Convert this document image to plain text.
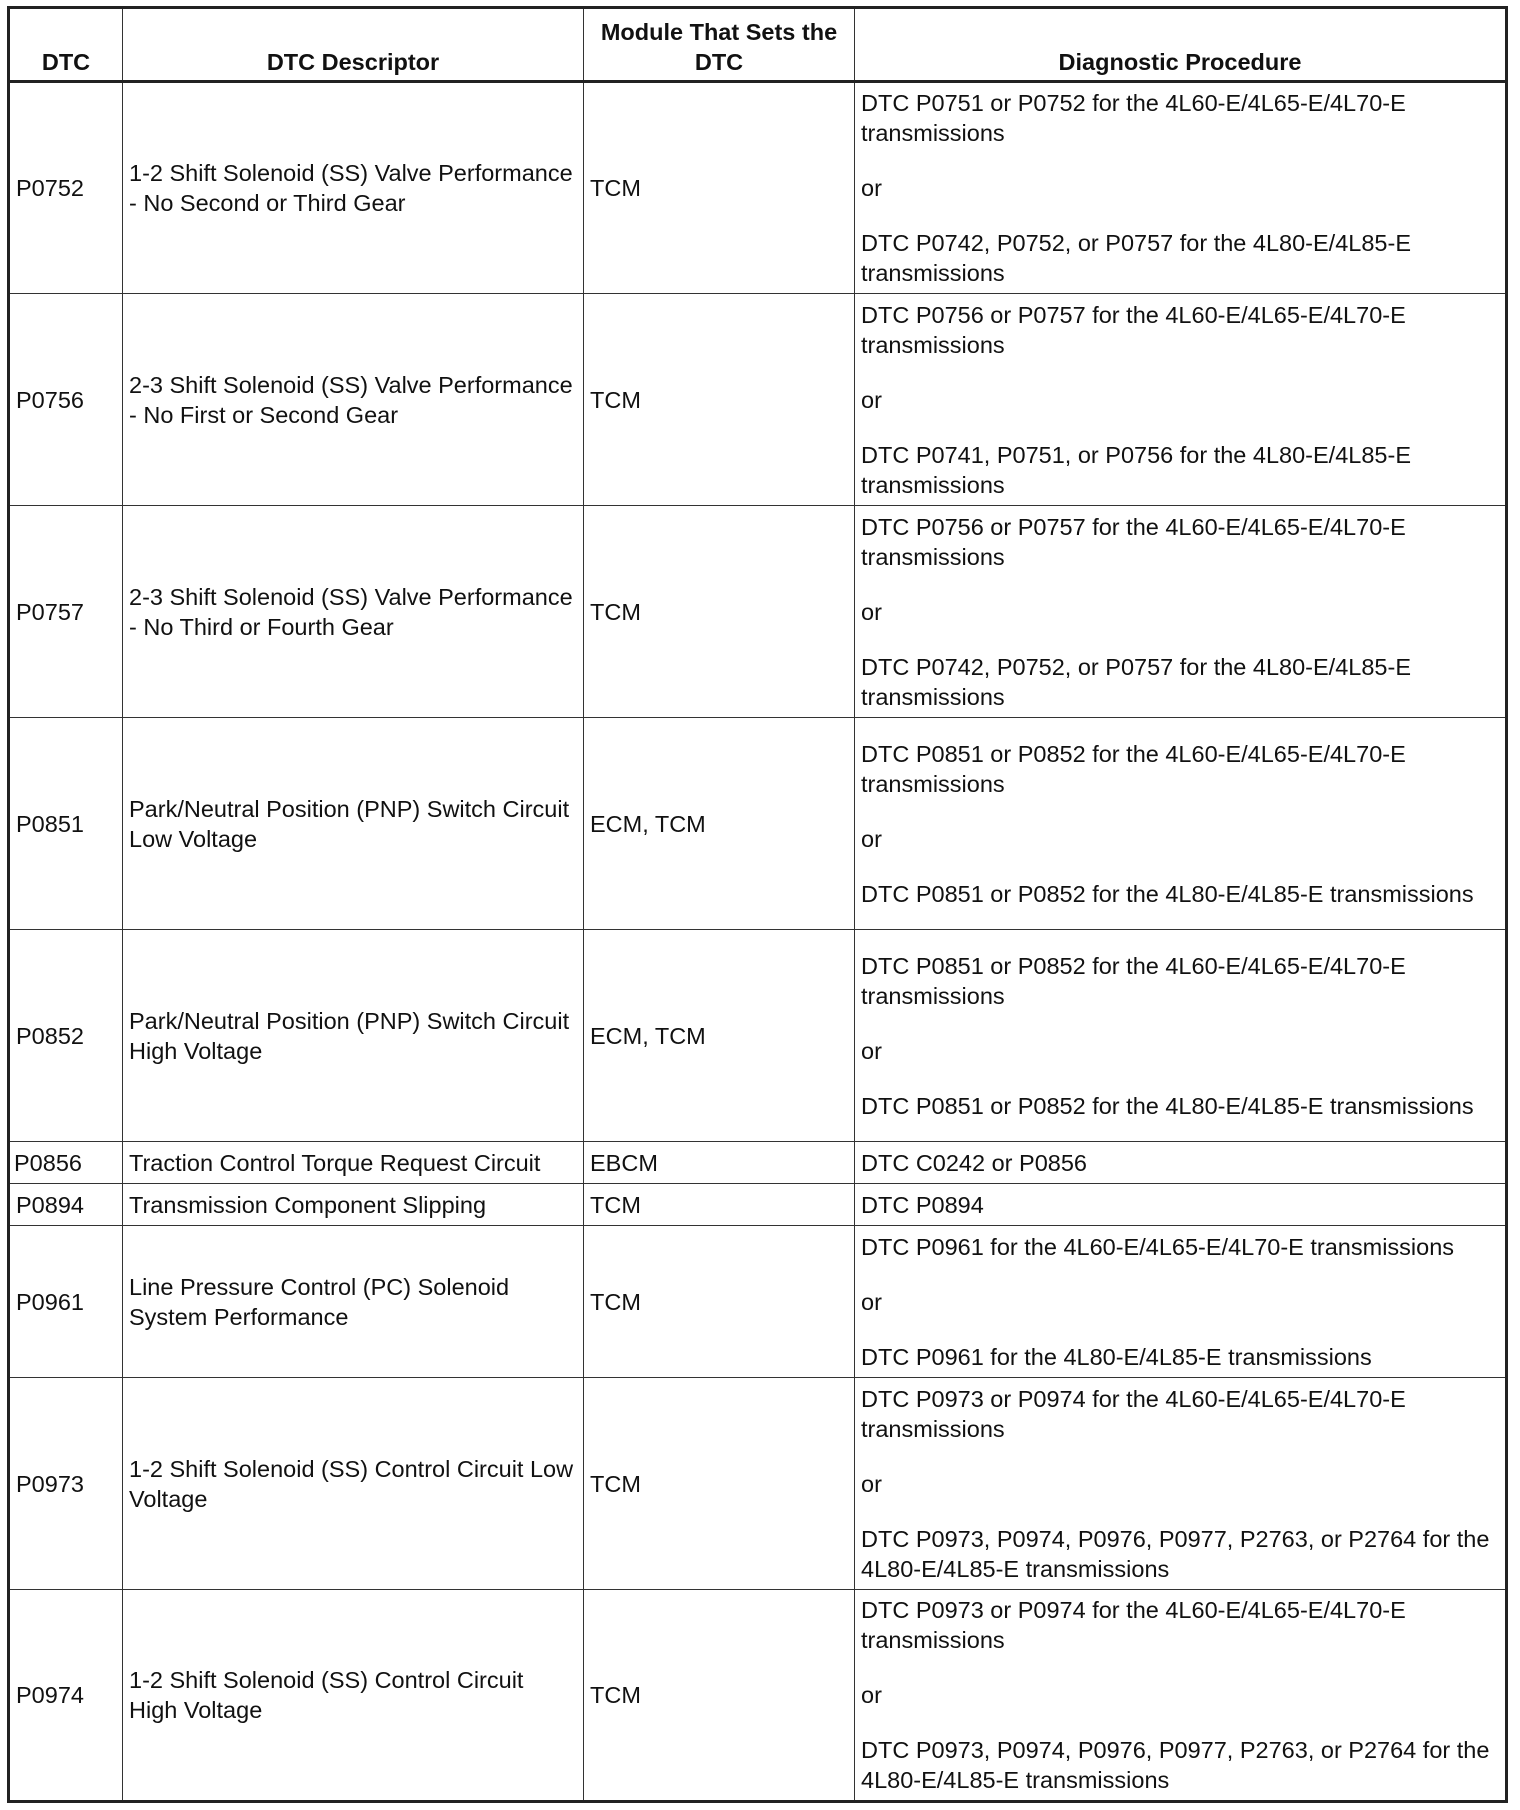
DTC	DTC Descriptor	Module That Sets the DTC	Diagnostic Procedure
P0752	1-2 Shift Solenoid (SS) Valve Performance - No Second or Third Gear	TCM	DTC P0751 or P0752 for the 4L60-E/4L65-E/4L70-E transmissions
or
DTC P0742, P0752, or P0757 for the 4L80-E/4L85-E transmissions

P0756	2-3 Shift Solenoid (SS) Valve Performance - No First or Second Gear	TCM	DTC P0756 or P0757 for the 4L60-E/4L65-E/4L70-E transmissions
or
DTC P0741, P0751, or P0756 for the 4L80-E/4L85-E transmissions

P0757	2-3 Shift Solenoid (SS) Valve Performance - No Third or Fourth Gear	TCM	DTC P0756 or P0757 for the 4L60-E/4L65-E/4L70-E transmissions
or
DTC P0742, P0752, or P0757 for the 4L80-E/4L85-E transmissions

P0851	Park/Neutral Position (PNP) Switch Circuit Low Voltage	ECM, TCM	DTC P0851 or P0852 for the 4L60-E/4L65-E/4L70-E transmissions
or
DTC P0851 or P0852 for the 4L80-E/4L85-E transmissions

P0852	Park/Neutral Position (PNP) Switch Circuit High Voltage	ECM, TCM	DTC P0851 or P0852 for the 4L60-E/4L65-E/4L70-E transmissions
or
DTC P0851 or P0852 for the 4L80-E/4L85-E transmissions

P0856	Traction Control Torque Request Circuit	EBCM	DTC C0242 or P0856
P0894	Transmission Component Slipping	TCM	DTC P0894
P0961	Line Pressure Control (PC) Solenoid System Performance	TCM	DTC P0961 for the 4L60-E/4L65-E/4L70-E transmissions
or
DTC P0961 for the 4L80-E/4L85-E transmissions

P0973	1-2 Shift Solenoid (SS) Control Circuit Low Voltage	TCM	DTC P0973 or P0974 for the 4L60-E/4L65-E/4L70-E transmissions
or
DTC P0973, P0974, P0976, P0977, P2763, or P2764 for the 4L80-E/4L85-E transmissions

P0974	1-2 Shift Solenoid (SS) Control Circuit High Voltage	TCM	DTC P0973 or P0974 for the 4L60-E/4L65-E/4L70-E transmissions
or
DTC P0973, P0974, P0976, P0977, P2763, or P2764 for the 4L80-E/4L85-E transmissions
